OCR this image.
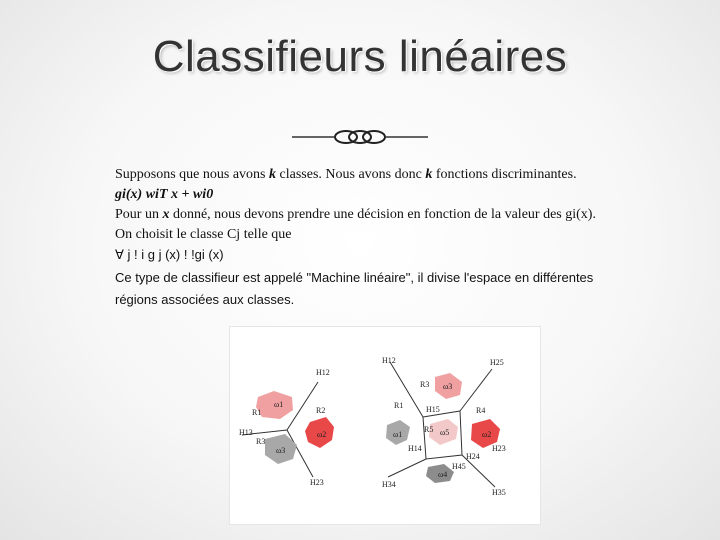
Classifieurs linéaires
Supposons que nous avons k classes. Nous avons donc k fonctions discriminantes.
gi(x) wiT x + wi0
Pour un x donné, nous devons prendre une décision en fonction de la valeur des gi(x).
On choisit le classe Cj telle que
∀ j ! i g j (x) ! !gi (x)
Ce type de classifieur est appelé "Machine linéaire", il divise l'espace en différentes régions associées aux classes.
ω1
R1	R2
ω2
R3
ω3
H12
H13
H23
H12	H25
R3 ω3
R1	H15
R5
ω1
R4
ω5	ω2
H14
H24
ω4
H34
H45
H23
H35
